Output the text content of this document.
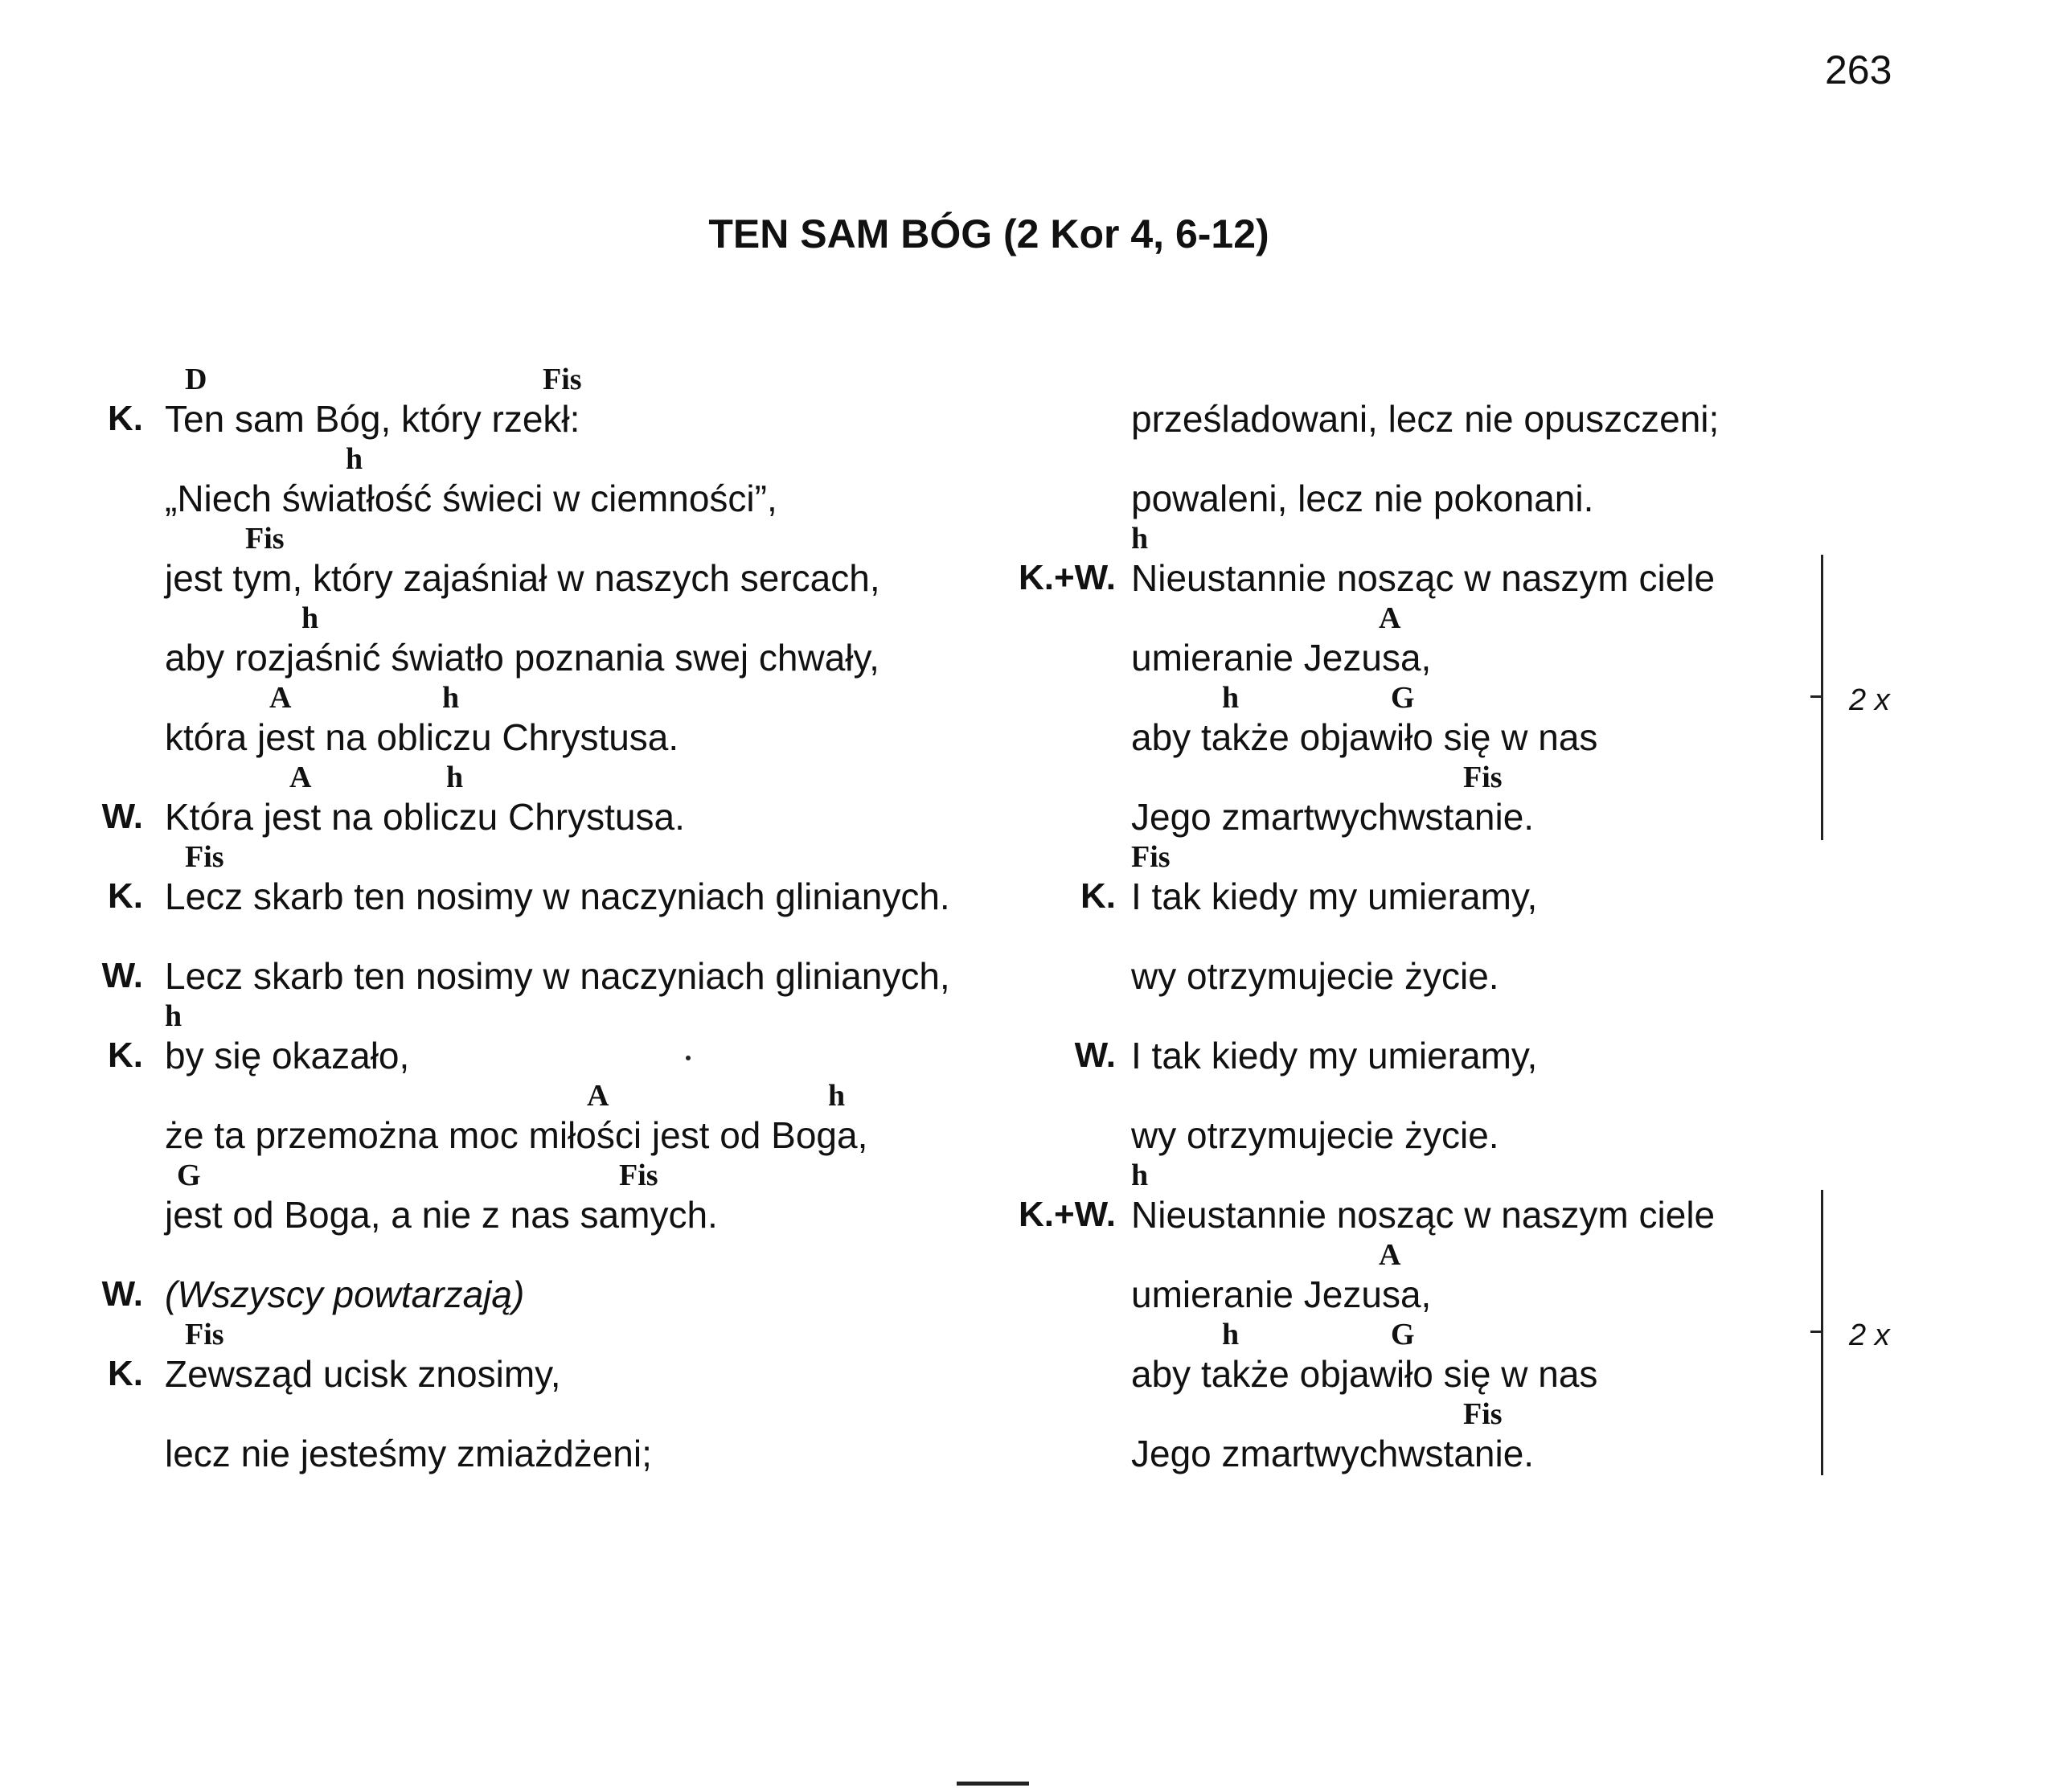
263
TEN SAM BÓG (2 Kor 4, 6-12)
D	Fis
K. Ten sam Bóg, który rzekł:
h
„Niech światłość świeci w ciemności”,
Fis
jest tym, który zajaśniał w naszych sercach,
h
aby rozjaśnić światło poznania swej chwały,
A	h
która jest na obliczu Chrystusa.
A	h
W. Która jest na obliczu Chrystusa.
Fis
K. Lecz skarb ten nosimy w naczyniach glinianych.
W. Lecz skarb ten nosimy w naczyniach glinianych,
h
K. by się okazało,
A	h
że ta przemożna moc miłości jest od Boga,
G	Fis
jest od Boga, a nie z nas samych.
W. (Wszyscy powtarzają)
Fis
K. Zewsząd ucisk znosimy,
lecz nie jesteśmy zmiażdżeni;
prześladowani, lecz nie opuszczeni;
powaleni, lecz nie pokonani.
h
K.+W. Nieustannie nosząc w naszym ciele
A
umieranie Jezusa,
h	G
aby także objawiło się w nas
Fis
Jego zmartwychwstanie.
Fis
K. I tak kiedy my umieramy,
wy otrzymujecie życie.
W. I tak kiedy my umieramy,
wy otrzymujecie życie.
h
K.+W. Nieustannie nosząc w naszym ciele
A
umieranie Jezusa,
h	G
aby także objawiło się w nas
Fis
Jego zmartwychwstanie.
2 x
2 x
